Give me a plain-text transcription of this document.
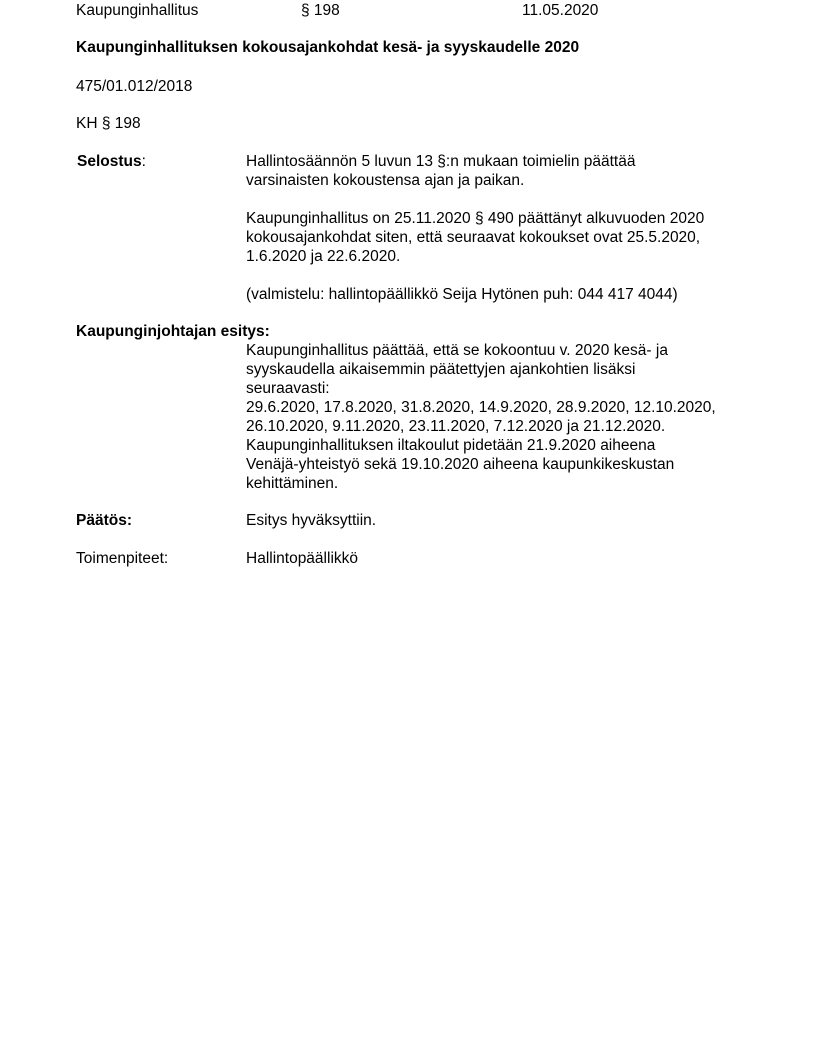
Kaupunginhallitus	§ 198	11.05.2020
Kaupunginhallituksen kokousajankohdat kesä- ja syyskaudelle 2020
475/01.012/2018
KH § 198
Selostus:	Hallintosäännön 5 luvun 13 §:n mukaan toimielin päättää
varsinaisten kokoustensa ajan ja paikan.
Kaupunginhallitus on 25.11.2020 § 490 päättänyt alkuvuoden 2020
kokousajankohdat siten, että seuraavat kokoukset ovat 25.5.2020,
1.6.2020 ja 22.6.2020.
(valmistelu: hallintopäällikkö Seija Hytönen puh: 044 417 4044)
Kaupunginjohtajan esitys:
Kaupunginhallitus päättää, että se kokoontuu v. 2020 kesä- ja
syyskaudella aikaisemmin päätettyjen ajankohtien lisäksi
seuraavasti:
29.6.2020, 17.8.2020, 31.8.2020, 14.9.2020, 28.9.2020, 12.10.2020,
26.10.2020, 9.11.2020, 23.11.2020, 7.12.2020 ja 21.12.2020.
Kaupunginhallituksen iltakoulut pidetään 21.9.2020 aiheena
Venäjä-yhteistyö sekä 19.10.2020 aiheena kaupunkikeskustan
kehittäminen.
Päätös:	Esitys hyväksyttiin.
Toimenpiteet:	Hallintopäällikkö
